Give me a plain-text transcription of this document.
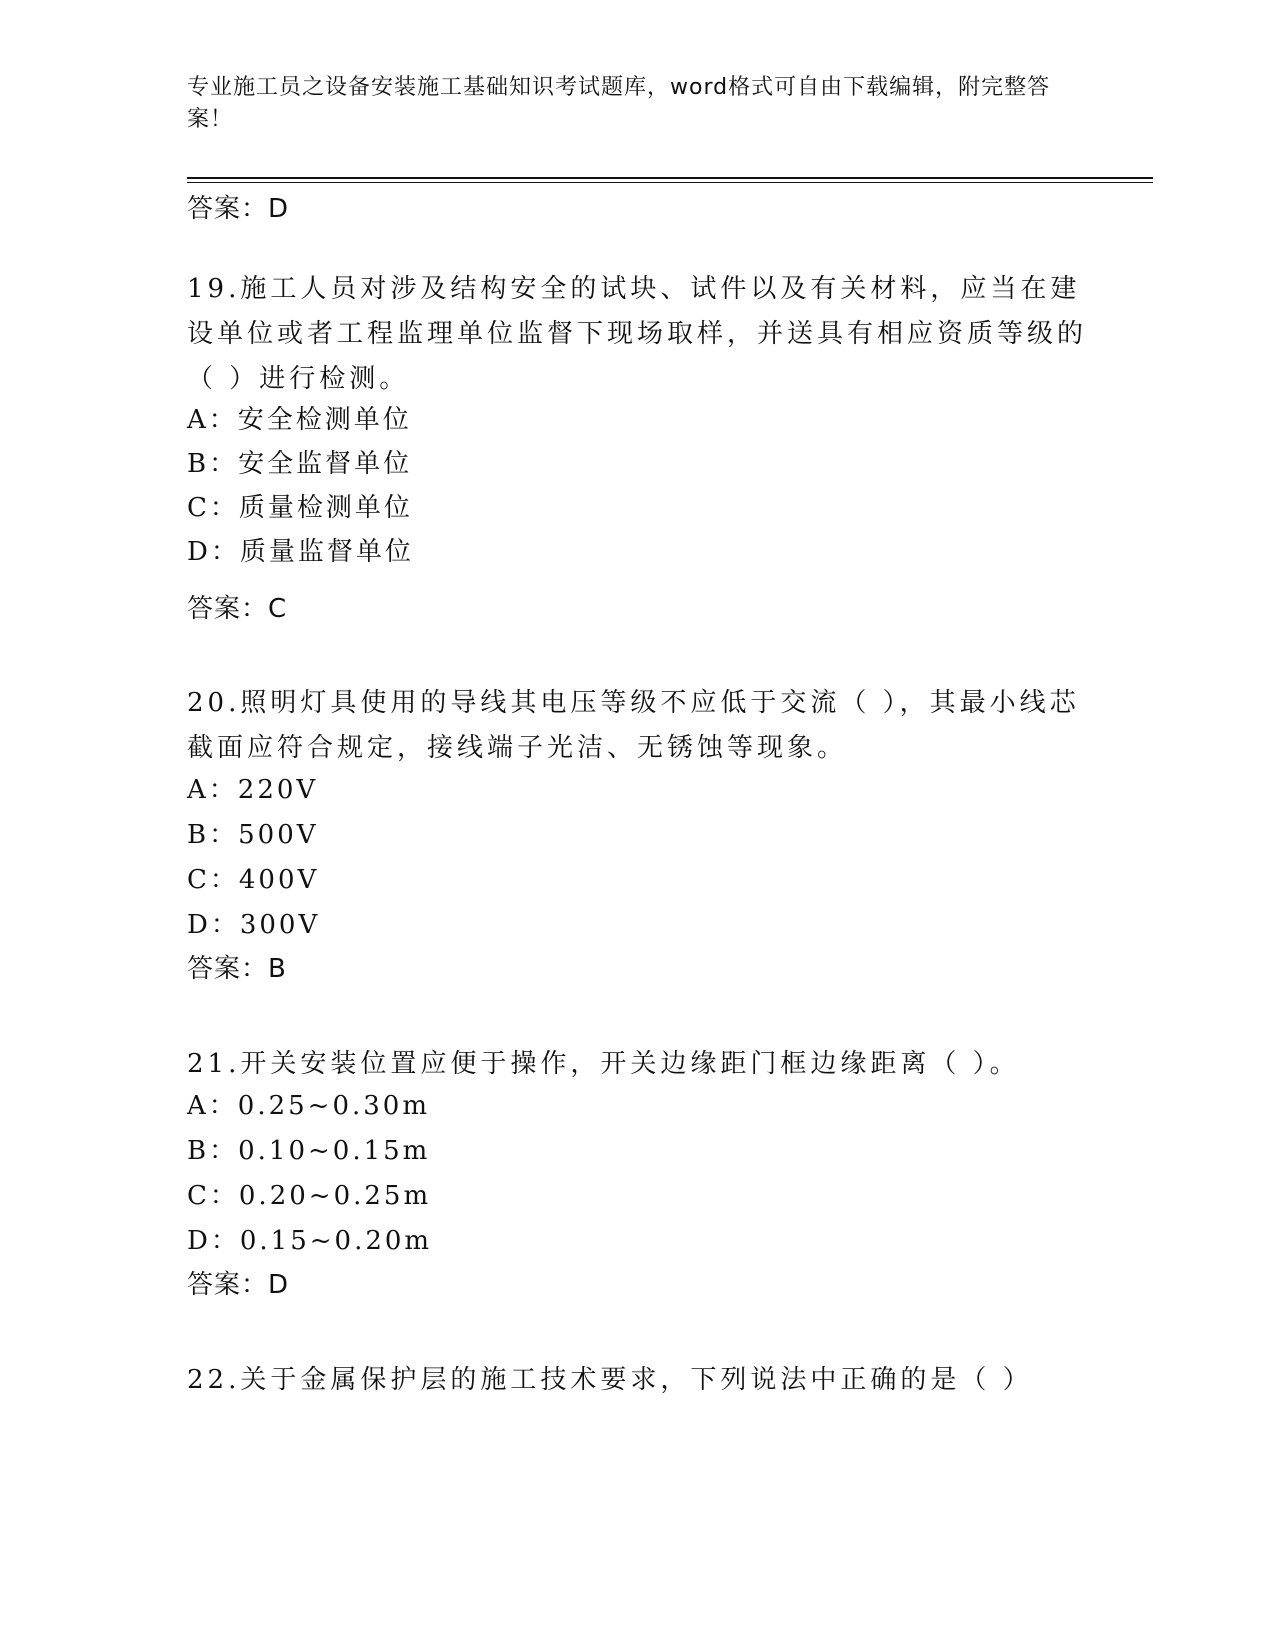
专业施工员之设备安装施工基础知识考试题库，word格式可自由下载编辑，附完整答案！
答案：D
19.施工人员对涉及结构安全的试块、试件以及有关材料，应当在建设单位或者工程监理单位监督下现场取样，并送具有相应资质等级的（ ）进行检测。
A：安全检测单位
B：安全监督单位
C：质量检测单位
D：质量监督单位
答案：C
20.照明灯具使用的导线其电压等级不应低于交流（ ），其最小线芯截面应符合规定，接线端子光洁、无锈蚀等现象。
A：220V
B：500V
C：400V
D：300V
答案：B
21.开关安装位置应便于操作，开关边缘距门框边缘距离（ ）。
A：0.25~0.30m
B：0.10~0.15m
C：0.20~0.25m
D：0.15~0.20m
答案：D
22.关于金属保护层的施工技术要求，下列说法中正确的是（ ）
